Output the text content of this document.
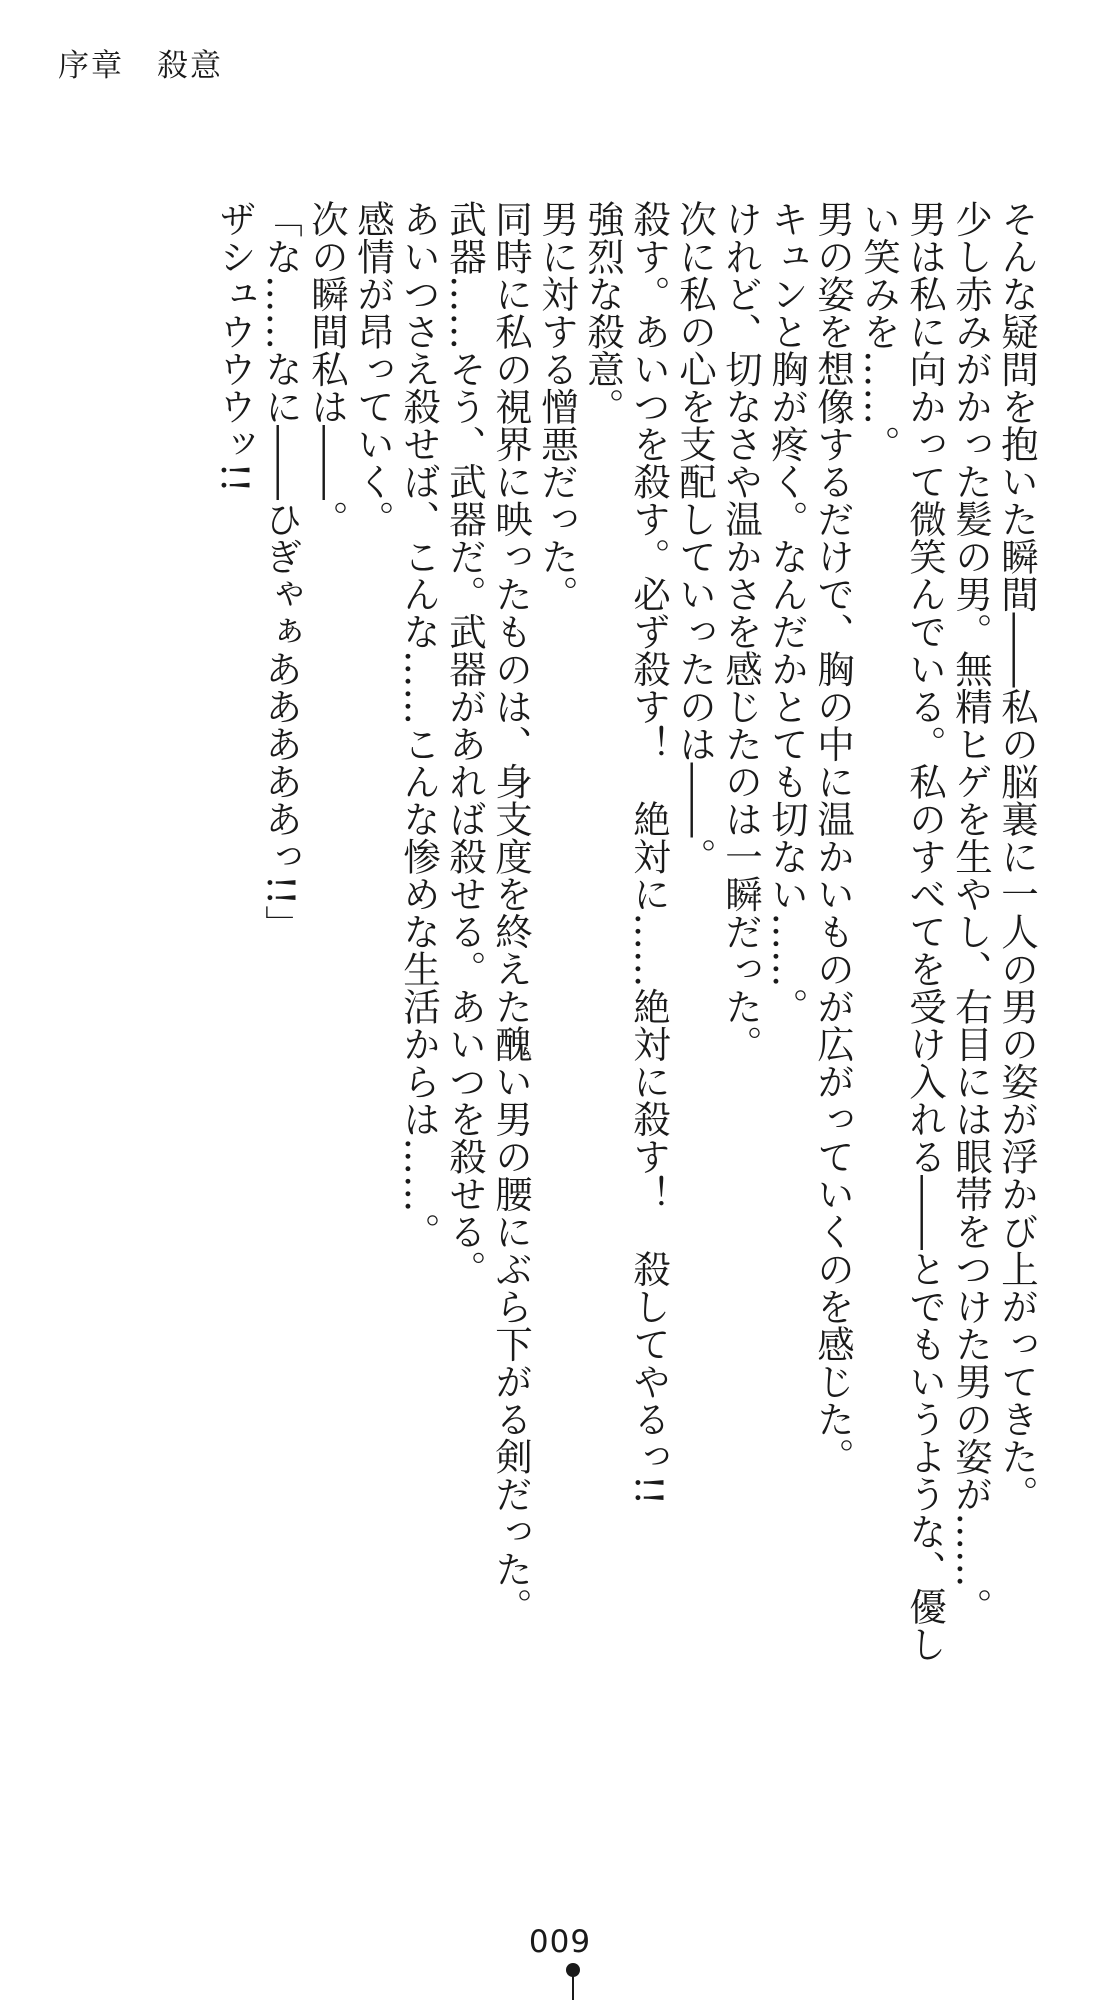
序章　殺意
そんな疑問を抱いた瞬間――私の脳裏に一人の男の姿が浮かび上がってきた。
少し赤みがかった髪の男。無精ヒゲを生やし、右目には眼帯をつけた男の姿が……。
男は私に向かって微笑んでいる。私のすべてを受け入れる――とでもいうような、優し
い笑みを……。
男の姿を想像するだけで、胸の中に温かいものが広がっていくのを感じた。
キュンと胸が疼く。なんだかとても切ない……。
けれど、切なさや温かさを感じたのは一瞬だった。
次に私の心を支配していったのは――。
殺す。あいつを殺す。必ず殺す！　絶対に……絶対に殺す！　殺してやるっ!!
強烈な殺意。
男に対する憎悪だった。
同時に私の視界に映ったものは、身支度を終えた醜い男の腰にぶら下がる剣だった。
武器……そう、武器だ。武器があれば殺せる。あいつを殺せる。
あいつさえ殺せば、こんな……こんな惨めな生活からは……。
感情が昂っていく。
次の瞬間私は――。
「な……なに――ひぎゃぁあああああっ!!」
ザシュウウウッ!!
009
